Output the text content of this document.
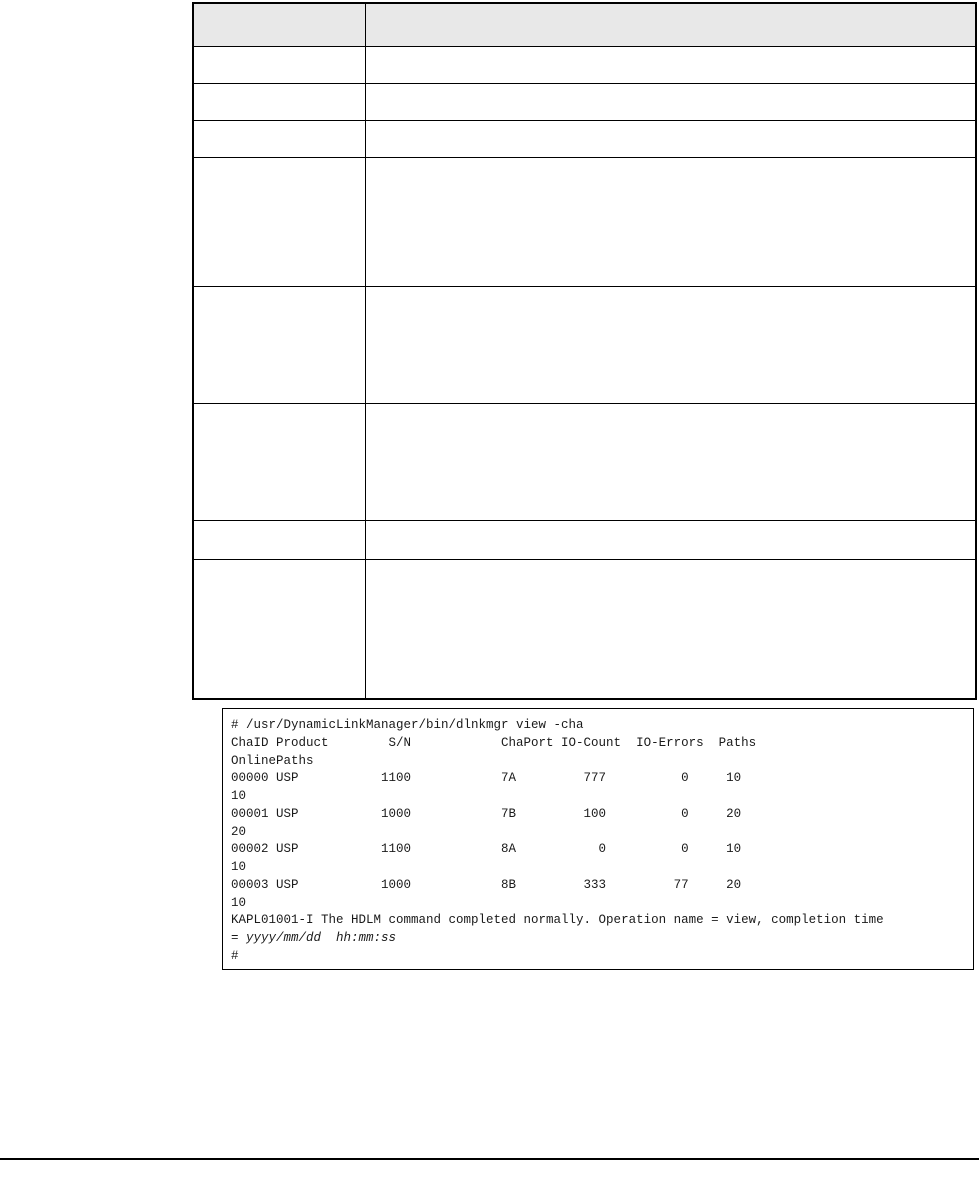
# /usr/DynamicLinkManager/bin/dlnkmgr view -cha
ChaID Product        S/N            ChaPort IO-Count  IO-Errors  Paths
OnlinePaths
00000 USP           1100            7A         777          0     10
10
00001 USP           1000            7B         100          0     20
20
00002 USP           1100            8A           0          0     10
10
00003 USP           1000            8B         333         77     20
10
KAPL01001-I The HDLM command completed normally. Operation name = view, completion time
= yyyy/mm/dd  hh:mm:ss
#
